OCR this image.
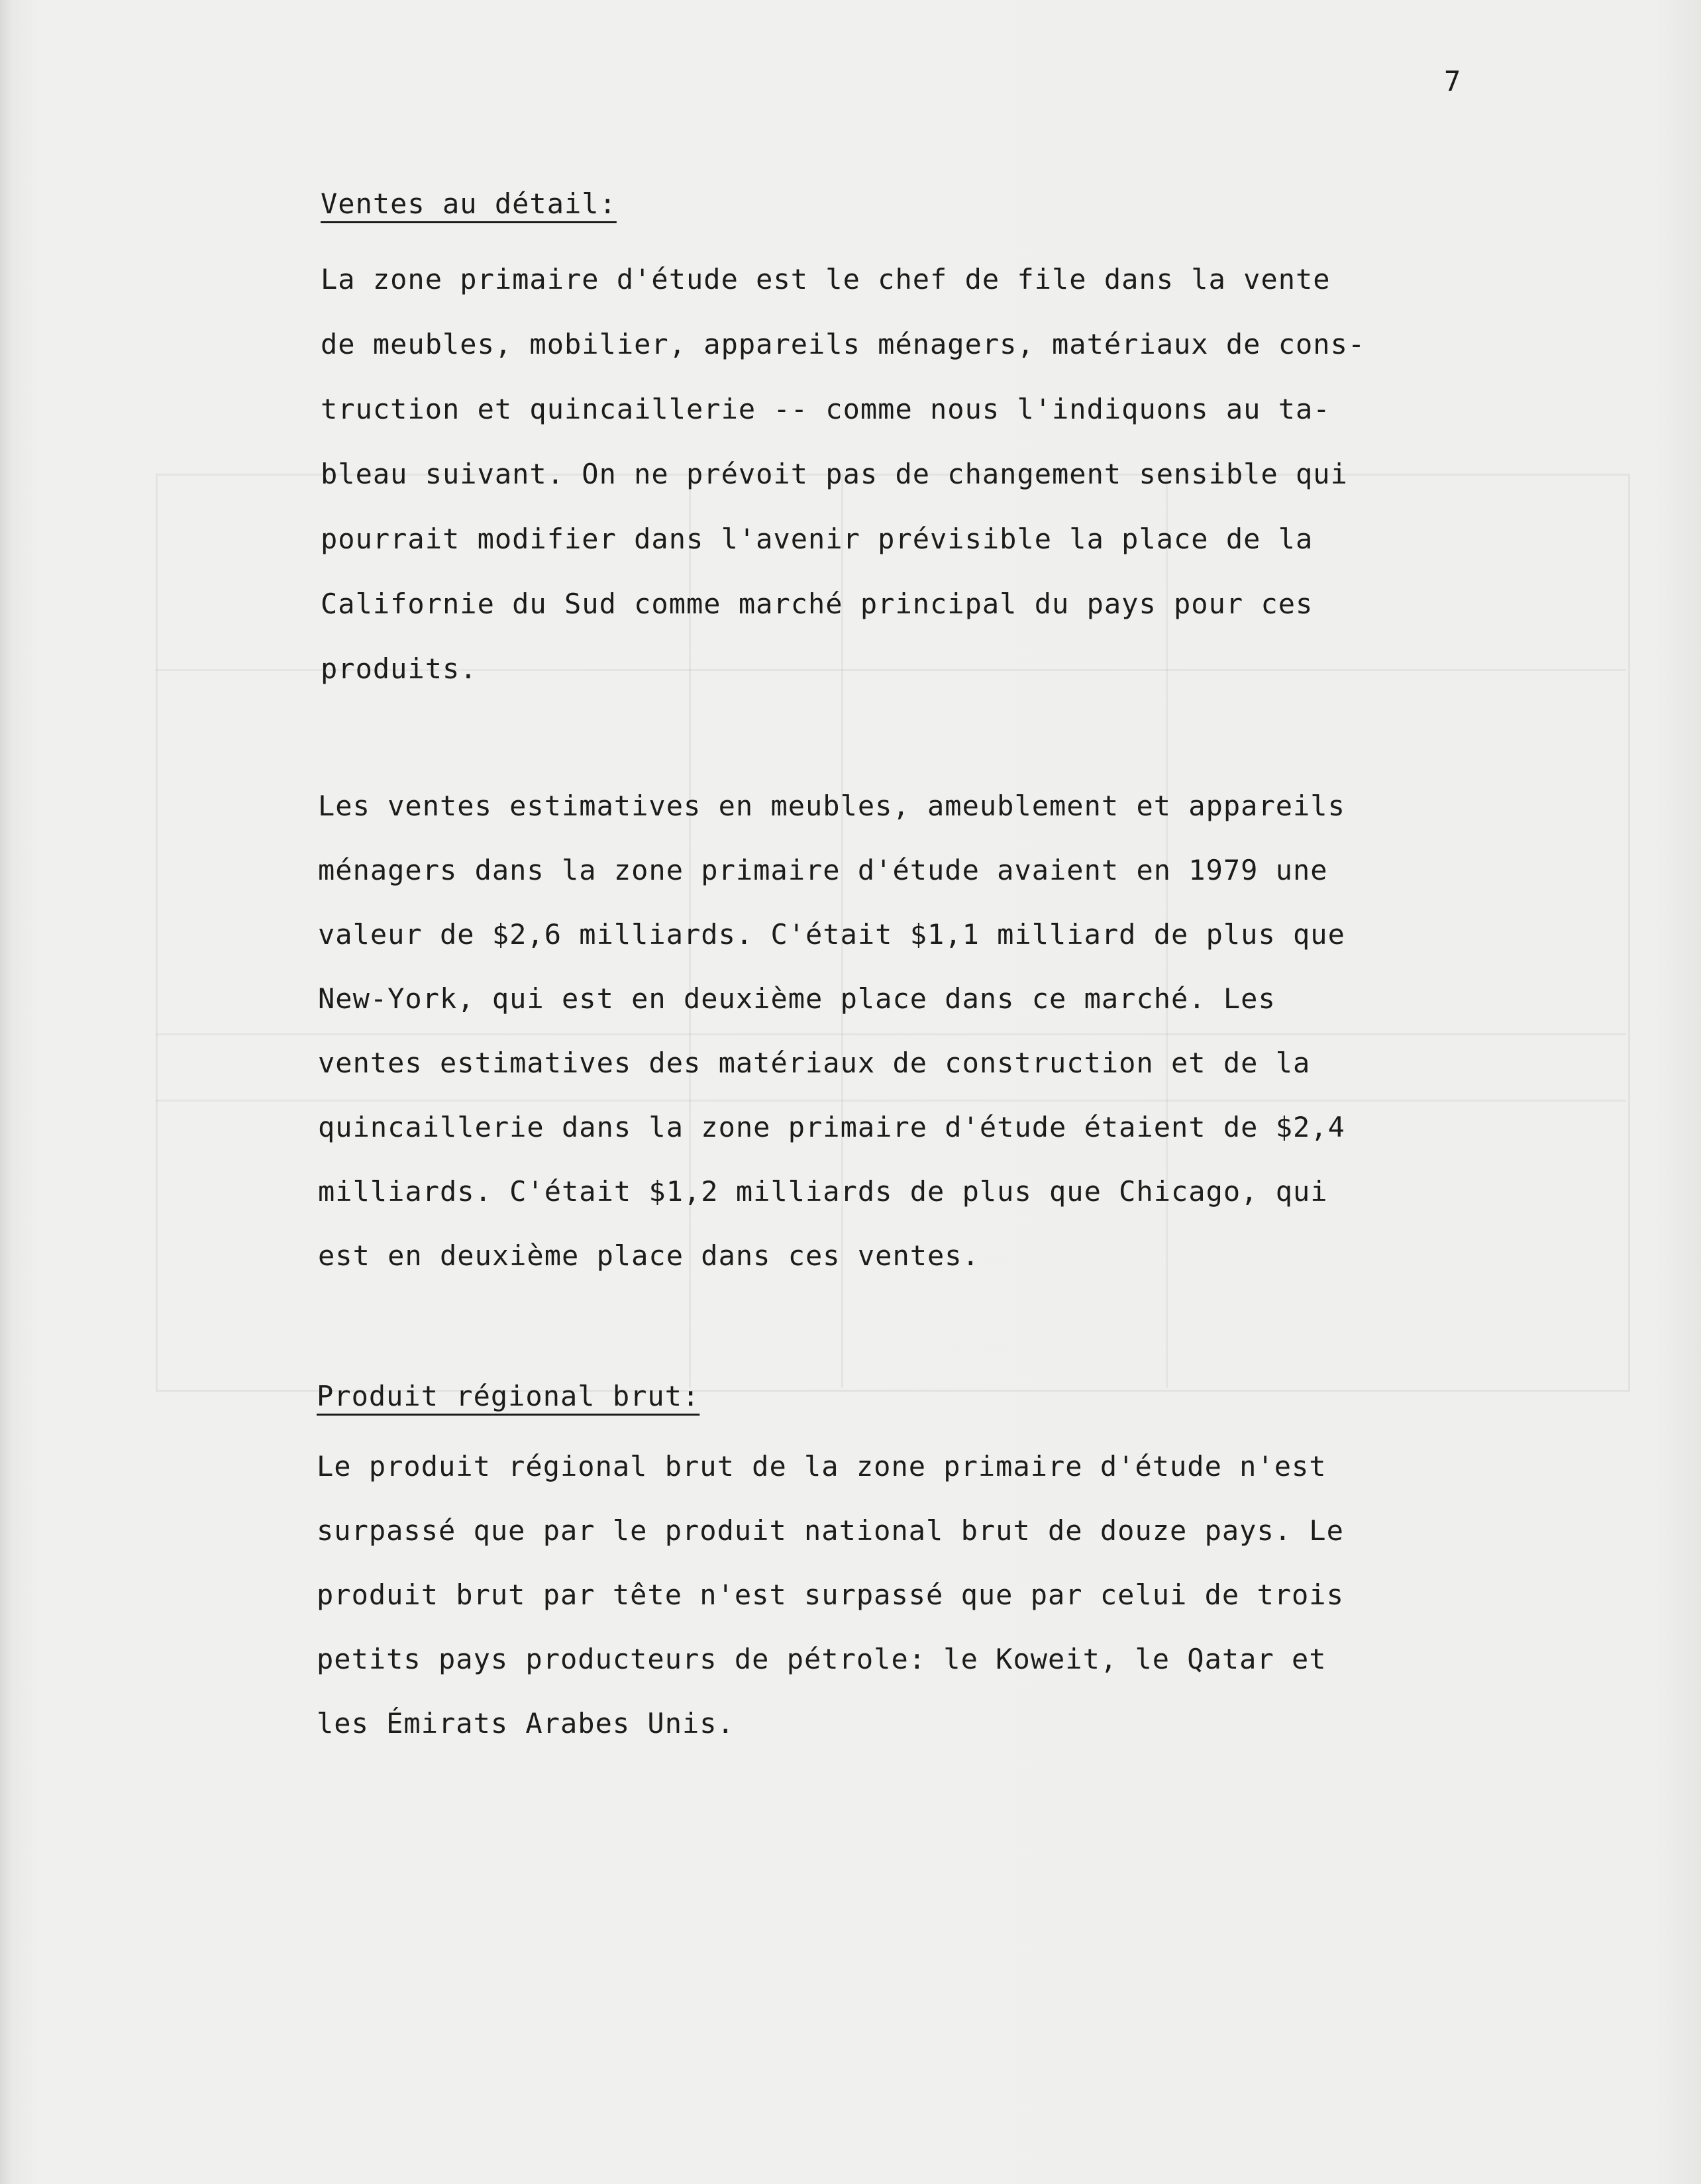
7
Ventes au détail:
La zone primaire d'étude est le chef de file dans la vente
de meubles, mobilier, appareils ménagers, matériaux de cons-
truction et quincaillerie -- comme nous l'indiquons au ta-
bleau suivant. On ne prévoit pas de changement sensible qui
pourrait modifier dans l'avenir prévisible la place de la
Californie du Sud comme marché principal du pays pour ces
produits.
Les ventes estimatives en meubles, ameublement et appareils
ménagers dans la zone primaire d'étude avaient en 1979 une
valeur de $2,6 milliards. C'était $1,1 milliard de plus que
New-York, qui est en deuxième place dans ce marché. Les
ventes estimatives des matériaux de construction et de la
quincaillerie dans la zone primaire d'étude étaient de $2,4
milliards. C'était $1,2 milliards de plus que Chicago, qui
est en deuxième place dans ces ventes.
Produit régional brut:
Le produit régional brut de la zone primaire d'étude n'est
surpassé que par le produit national brut de douze pays. Le
produit brut par tête n'est surpassé que par celui de trois
petits pays producteurs de pétrole: le Koweit, le Qatar et
les Émirats Arabes Unis.
